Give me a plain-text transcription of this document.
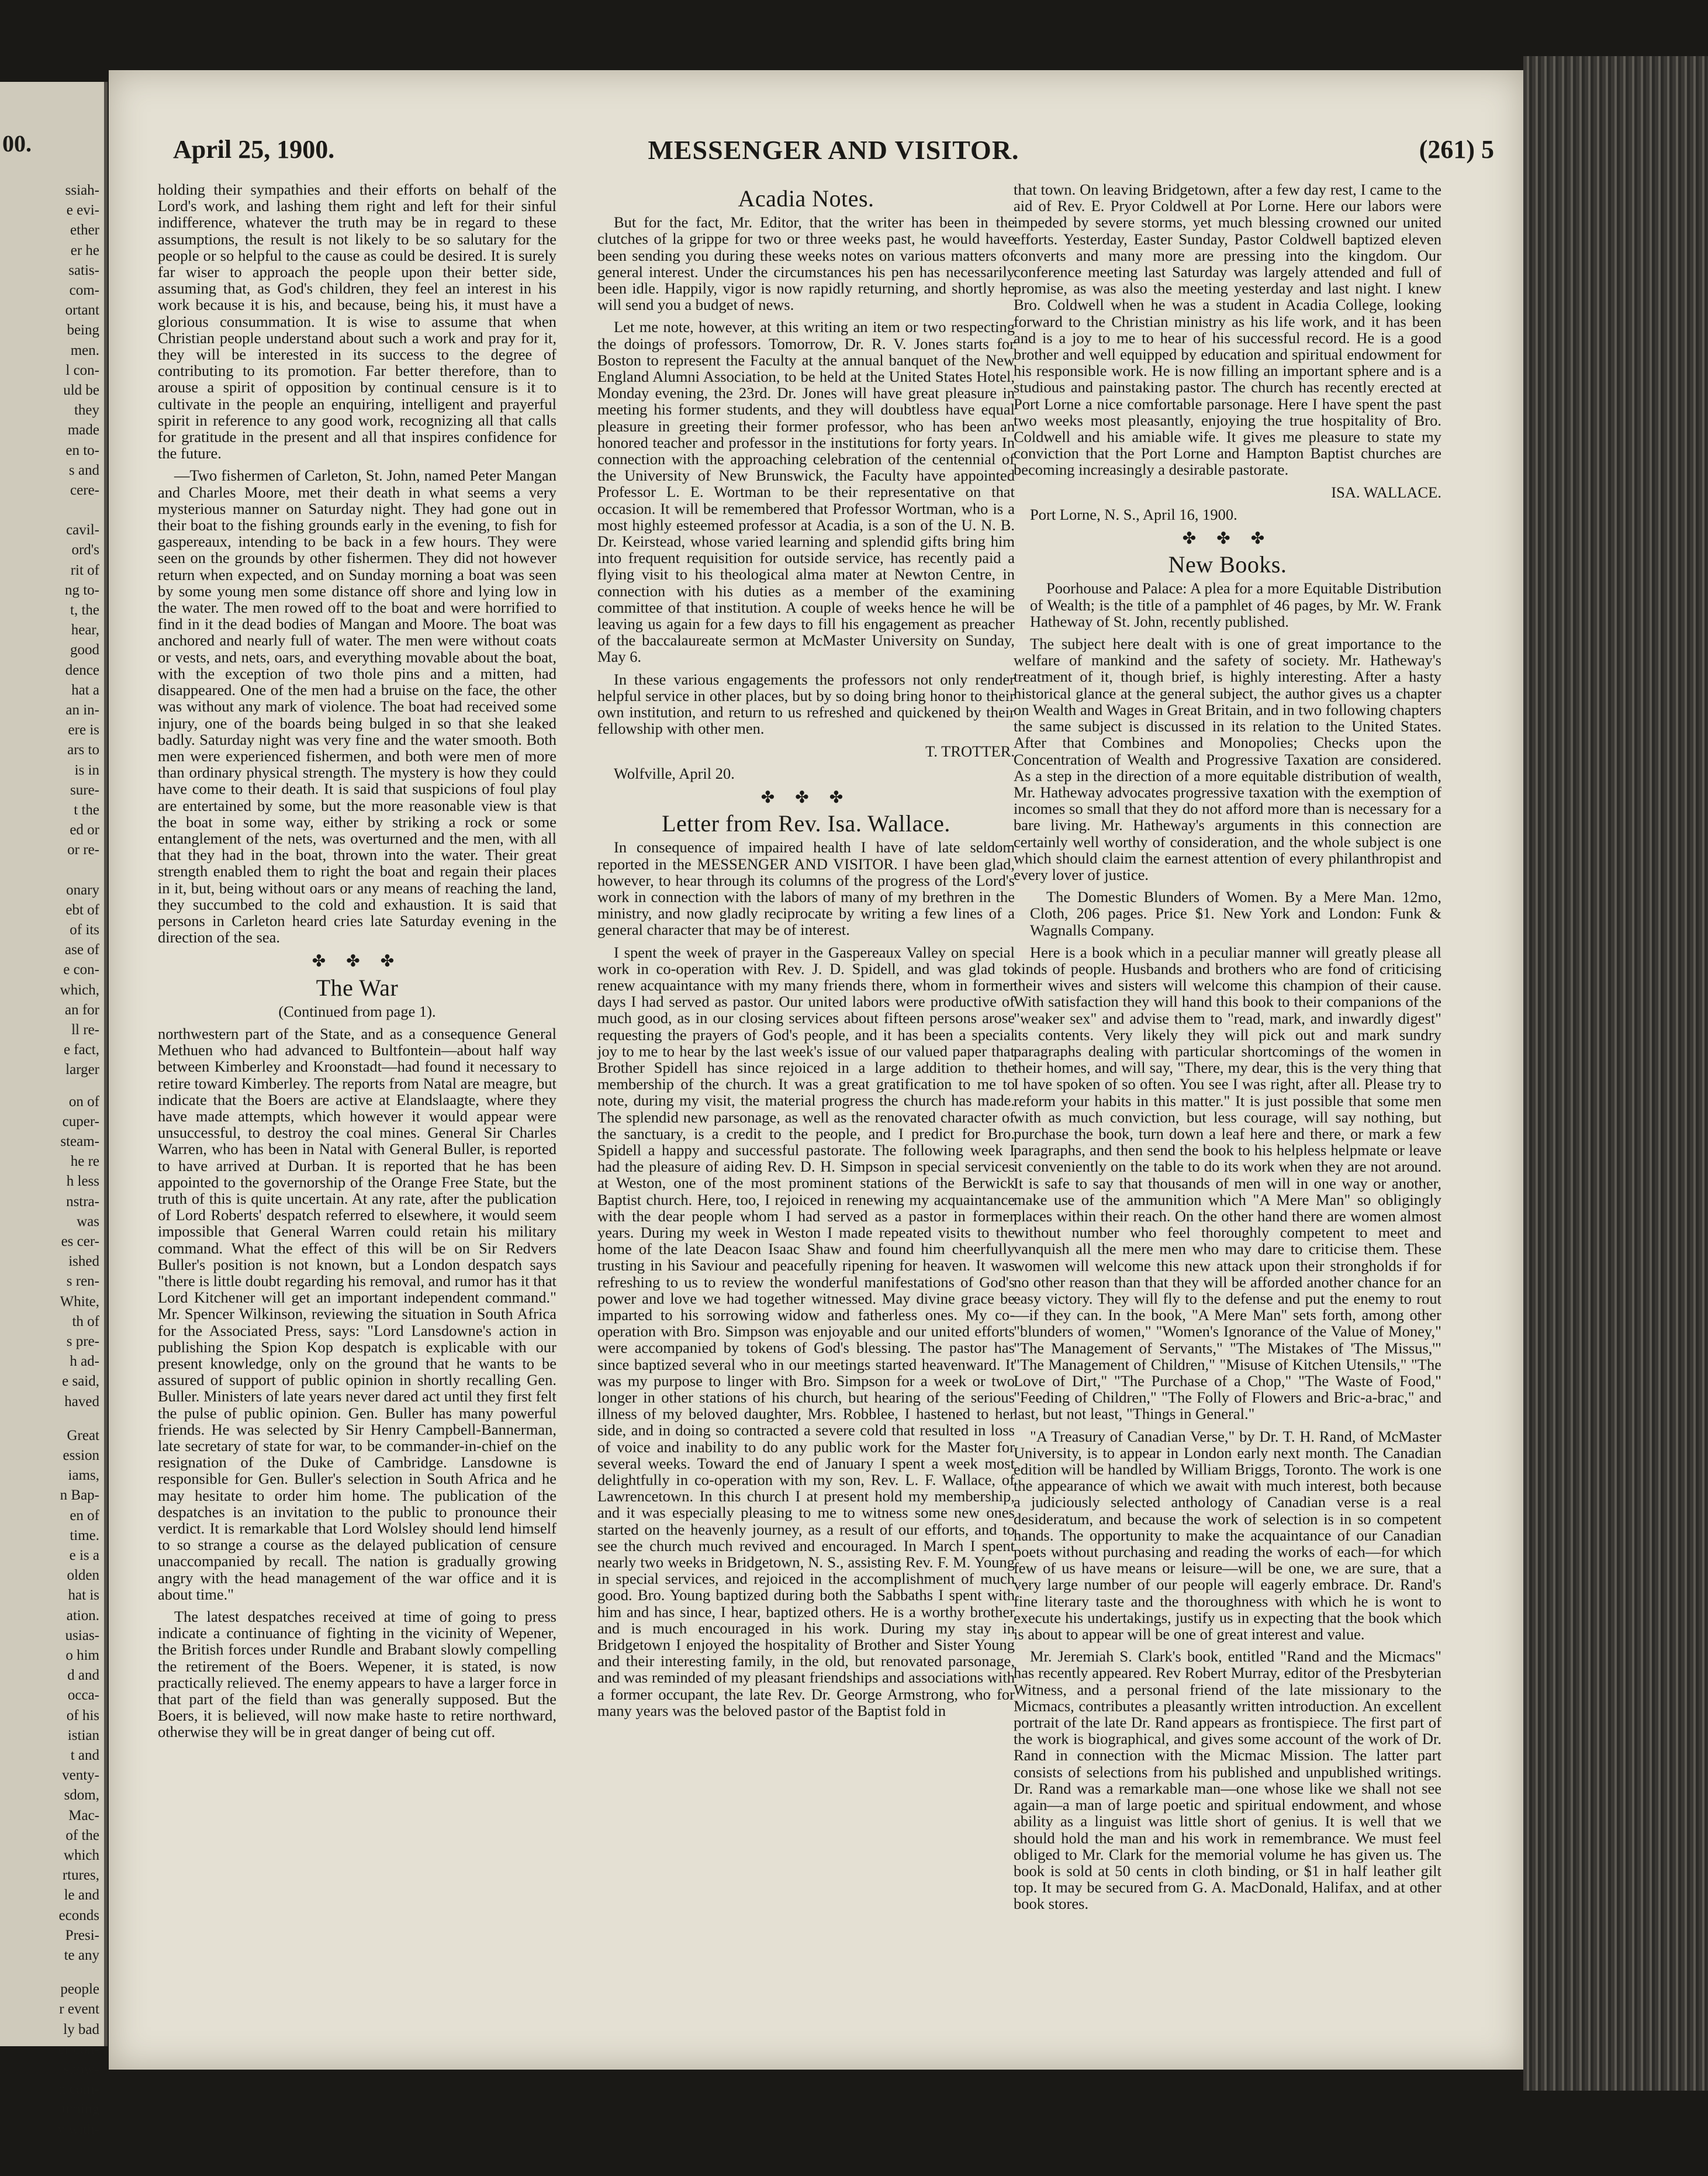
00.
ssiah-
e evi-
ether
er he
satis-
com-
ortant
being
men.
l con-
uld be
they
made
en to-
s and
cere-
cavil-
ord's
rit of
ng to-
t, the
hear,
good
dence
hat a
an in-
ere is
ars to
is in
sure-
t the
ed or
or re-
onary
ebt of
of its
ase of
e con-
which,
an for
ll re-
e fact,
larger
on of
cuper-
steam-
he re
h less
nstra-
was
es cer-
ished
s ren-
White,
th of
s pre-
h ad-
e said,
haved
Great
ession
iams,
n Bap-
en of
time.
e is a
olden
hat is
ation.
usias-
o him
d and
occa-
of his
istian
t and
venty-
sdom,
Mac-
of the
which
rtures,
le and
econds
Presi-
te any
people
r event
ly bad
er con-
show-
n com-
uming
y with-
MESSENGER AND VISITOR.
April 25, 1900.	(261) 5

holding their sympathies and their efforts on behalf of the Lord's work, and lashing them right and left for their sinful indifference, whatever the truth may be in regard to these assumptions, the result is not likely to be so salutary for the people or so helpful to the cause as could be desired. It is surely far wiser to approach the people upon their better side, assuming that, as God's children, they feel an interest in his work because it is his, and because, being his, it must have a glorious consummation. It is wise to assume that when Christian people understand about such a work and pray for it, they will be interested in its success to the degree of contributing to its promotion. Far better therefore, than to arouse a spirit of opposition by continual censure is it to cultivate in the people an enquiring, intelligent and prayerful spirit in reference to any good work, recognizing all that calls for gratitude in the present and all that inspires confidence for the future.

—Two fishermen of Carleton, St. John, named Peter Mangan and Charles Moore, met their death in what seems a very mysterious manner on Saturday night. They had gone out in their boat to the fishing grounds early in the evening, to fish for gaspereaux, intending to be back in a few hours. They were seen on the grounds by other fishermen. They did not however return when expected, and on Sunday morning a boat was seen by some young men some distance off shore and lying low in the water. The men rowed off to the boat and were horrified to find in it the dead bodies of Mangan and Moore. The boat was anchored and nearly full of water. The men were without coats or vests, and nets, oars, and everything movable about the boat, with the exception of two thole pins and a mitten, had disappeared. One of the men had a bruise on the face, the other was without any mark of violence. The boat had received some injury, one of the boards being bulged in so that she leaked badly. Saturday night was very fine and the water smooth. Both men were experienced fishermen, and both were men of more than ordinary physical strength. The mystery is how they could have come to their death. It is said that suspicions of foul play are entertained by some, but the more reasonable view is that the boat in some way, either by striking a rock or some entanglement of the nets, was overturned and the men, with all that they had in the boat, thrown into the water. Their great strength enabled them to right the boat and regain their places in it, but, being without oars or any means of reaching the land, they succumbed to the cold and exhaustion. It is said that persons in Carleton heard cries late Saturday evening in the direction of the sea.

✤ ✤ ✤
The War
(Continued from page 1).

northwestern part of the State, and as a consequence General Methuen who had advanced to Bultfontein—about half way between Kimberley and Kroonstadt—had found it necessary to retire toward Kimberley. The reports from Natal are meagre, but indicate that the Boers are active at Elandslaagte, where they have made attempts, which however it would appear were unsuccessful, to destroy the coal mines. General Sir Charles Warren, who has been in Natal with General Buller, is reported to have arrived at Durban. It is reported that he has been appointed to the governorship of the Orange Free State, but the truth of this is quite uncertain. At any rate, after the publication of Lord Roberts' despatch referred to elsewhere, it would seem impossible that General Warren could retain his military command. What the effect of this will be on Sir Redvers Buller's position is not known, but a London despatch says "there is little doubt regarding his removal, and rumor has it that Lord Kitchener will get an important independent command." Mr. Spencer Wilkinson, reviewing the situation in South Africa for the Associated Press, says: "Lord Lansdowne's action in publishing the Spion Kop despatch is explicable with our present knowledge, only on the ground that he wants to be assured of support of public opinion in shortly recalling Gen. Buller. Ministers of late years never dared act until they first felt the pulse of public opinion. Gen. Buller has many powerful friends. He was selected by Sir Henry Campbell-Bannerman, late secretary of state for war, to be commander-in-chief on the resignation of the Duke of Cambridge. Lansdowne is responsible for Gen. Buller's selection in South Africa and he may hesitate to order him home. The publication of the despatches is an invitation to the public to pronounce their verdict. It is remarkable that Lord Wolsley should lend himself to so strange a course as the delayed publication of censure unaccompanied by recall. The nation is gradually growing angry with the head management of the war office and it is about time."

The latest despatches received at time of going to press indicate a continuance of fighting in the vicinity of Wepener, the British forces under Rundle and Brabant slowly compelling the retirement of the Boers. Wepener, it is stated, is now practically relieved. The enemy appears to have a larger force in that part of the field than was generally supposed. But the Boers, it is believed, will now make haste to retire northward, otherwise they will be in great danger of being cut off.

Acadia Notes.

But for the fact, Mr. Editor, that the writer has been in the clutches of la grippe for two or three weeks past, he would have been sending you during these weeks notes on various matters of general interest. Under the circumstances his pen has necessarily been idle. Happily, vigor is now rapidly returning, and shortly he will send you a budget of news.

Let me note, however, at this writing an item or two respecting the doings of professors. Tomorrow, Dr. R. V. Jones starts for Boston to represent the Faculty at the annual banquet of the New England Alumni Association, to be held at the United States Hotel, Monday evening, the 23rd. Dr. Jones will have great pleasure in meeting his former students, and they will doubtless have equal pleasure in greeting their former professor, who has been an honored teacher and professor in the institutions for forty years. In connection with the approaching celebration of the centennial of the University of New Brunswick, the Faculty have appointed Professor L. E. Wortman to be their representative on that occasion. It will be remembered that Professor Wortman, who is a most highly esteemed professor at Acadia, is a son of the U. N. B. Dr. Keirstead, whose varied learning and splendid gifts bring him into frequent requisition for outside service, has recently paid a flying visit to his theological alma mater at Newton Centre, in connection with his duties as a member of the examining committee of that institution. A couple of weeks hence he will be leaving us again for a few days to fill his engagement as preacher of the baccalaureate sermon at McMaster University on Sunday, May 6.

In these various engagements the professors not only render helpful service in other places, but by so doing bring honor to their own institution, and return to us refreshed and quickened by their fellowship with other men.

T. TROTTER.
Wolfville, April 20.
✤ ✤ ✤
Letter from Rev. Isa. Wallace.

In consequence of impaired health I have of late seldom reported in the MESSENGER AND VISITOR. I have been glad, however, to hear through its columns of the progress of the Lord's work in connection with the labors of many of my brethren in the ministry, and now gladly reciprocate by writing a few lines of a general character that may be of interest.

I spent the week of prayer in the Gaspereaux Valley on special work in co-operation with Rev. J. D. Spidell, and was glad to renew acquaintance with my many friends there, whom in former days I had served as pastor. Our united labors were productive of much good, as in our closing services about fifteen persons arose requesting the prayers of God's people, and it has been a special joy to me to hear by the last week's issue of our valued paper that Brother Spidell has since rejoiced in a large addition to the membership of the church. It was a great gratification to me to note, during my visit, the material progress the church has made. The splendid new parsonage, as well as the renovated character of the sanctuary, is a credit to the people, and I predict for Bro. Spidell a happy and successful pastorate. The following week I had the pleasure of aiding Rev. D. H. Simpson in special services at Weston, one of the most prominent stations of the Berwick Baptist church. Here, too, I rejoiced in renewing my acquaintance with the dear people whom I had served as a pastor in former years. During my week in Weston I made repeated visits to the home of the late Deacon Isaac Shaw and found him cheerfully trusting in his Saviour and peacefully ripening for heaven. It was refreshing to us to review the wonderful manifestations of God's power and love we had together witnessed. May divine grace be imparted to his sorrowing widow and fatherless ones. My co-operation with Bro. Simpson was enjoyable and our united efforts were accompanied by tokens of God's blessing. The pastor has since baptized several who in our meetings started heavenward. It was my purpose to linger with Bro. Simpson for a week or two longer in other stations of his church, but hearing of the serious illness of my beloved daughter, Mrs. Robblee, I hastened to her side, and in doing so contracted a severe cold that resulted in loss of voice and inability to do any public work for the Master for several weeks. Toward the end of January I spent a week most delightfully in co-operation with my son, Rev. L. F. Wallace, of Lawrencetown. In this church I at present hold my membership, and it was especially pleasing to me to witness some new ones started on the heavenly journey, as a result of our efforts, and to see the church much revived and encouraged. In March I spent nearly two weeks in Bridgetown, N. S., assisting Rev. F. M. Young in special services, and rejoiced in the accomplishment of much good. Bro. Young baptized during both the Sabbaths I spent with him and has since, I hear, baptized others. He is a worthy brother and is much encouraged in his work. During my stay in Bridgetown I enjoyed the hospitality of Brother and Sister Young and their interesting family, in the old, but renovated parsonage, and was reminded of my pleasant friendships and associations with a former occupant, the late Rev. Dr. George Armstrong, who for many years was the beloved pastor of the Baptist fold in

that town. On leaving Bridgetown, after a few day rest, I came to the aid of Rev. E. Pryor Coldwell at Por Lorne. Here our labors were impeded by severe storms, yet much blessing crowned our united efforts. Yesterday, Easter Sunday, Pastor Coldwell baptized eleven converts and many more are pressing into the kingdom. Our conference meeting last Saturday was largely attended and full of promise, as was also the meeting yesterday and last night. I knew Bro. Coldwell when he was a student in Acadia College, looking forward to the Christian ministry as his life work, and it has been and is a joy to me to hear of his successful record. He is a good brother and well equipped by education and spiritual endowment for his responsible work. He is now filling an important sphere and is a studious and painstaking pastor. The church has recently erected at Port Lorne a nice comfortable parsonage. Here I have spent the past two weeks most pleasantly, enjoying the true hospitality of Bro. Coldwell and his amiable wife. It gives me pleasure to state my conviction that the Port Lorne and Hampton Baptist churches are becoming increasingly a desirable pastorate.

ISA. WALLACE.
Port Lorne, N. S., April 16, 1900.
✤ ✤ ✤
New Books.

Poorhouse and Palace: A plea for a more Equitable Distribution of Wealth; is the title of a pamphlet of 46 pages, by Mr. W. Frank Hatheway of St. John, recently published.

The subject here dealt with is one of great importance to the welfare of mankind and the safety of society. Mr. Hatheway's treatment of it, though brief, is highly interesting. After a hasty historical glance at the general subject, the author gives us a chapter on Wealth and Wages in Great Britain, and in two following chapters the same subject is discussed in its relation to the United States. After that Combines and Monopolies; Checks upon the Concentration of Wealth and Progressive Taxation are considered. As a step in the direction of a more equitable distribution of wealth, Mr. Hatheway advocates progressive taxation with the exemption of incomes so small that they do not afford more than is necessary for a bare living. Mr. Hatheway's arguments in this connection are certainly well worthy of consideration, and the whole subject is one which should claim the earnest attention of every philanthropist and every lover of justice.

The Domestic Blunders of Women. By a Mere Man. 12mo, Cloth, 206 pages. Price $1. New York and London: Funk & Wagnalls Company.

Here is a book which in a peculiar manner will greatly please all kinds of people. Husbands and brothers who are fond of criticising their wives and sisters will welcome this champion of their cause. With satisfaction they will hand this book to their companions of the "weaker sex" and advise them to "read, mark, and inwardly digest" its contents. Very likely they will pick out and mark sundry paragraphs dealing with particular shortcomings of the women in their homes, and will say, "There, my dear, this is the very thing that I have spoken of so often. You see I was right, after all. Please try to reform your habits in this matter." It is just possible that some men with as much conviction, but less courage, will say nothing, but purchase the book, turn down a leaf here and there, or mark a few paragraphs, and then send the book to his helpless helpmate or leave it conveniently on the table to do its work when they are not around. It is safe to say that thousands of men will in one way or another, make use of the ammunition which "A Mere Man" so obligingly places within their reach. On the other hand there are women almost without number who feel thoroughly competent to meet and vanquish all the mere men who may dare to criticise them. These women will welcome this new attack upon their strongholds if for no other reason than that they will be afforded another chance for an easy victory. They will fly to the defense and put the enemy to rout—if they can. In the book, "A Mere Man" sets forth, among other "blunders of women," "Women's Ignorance of the Value of Money," "The Management of Servants," "The Mistakes of 'The Missus,'" "The Management of Children," "Misuse of Kitchen Utensils," "The Love of Dirt," "The Purchase of a Chop," "The Waste of Food," "Feeding of Children," "The Folly of Flowers and Bric-a-brac," and last, but not least, "Things in General."

"A Treasury of Canadian Verse," by Dr. T. H. Rand, of McMaster University, is to appear in London early next month. The Canadian edition will be handled by William Briggs, Toronto. The work is one the appearance of which we await with much interest, both because a judiciously selected anthology of Canadian verse is a real desideratum, and because the work of selection is in so competent hands. The opportunity to make the acquaintance of our Canadian poets without purchasing and reading the works of each—for which few of us have means or leisure—will be one, we are sure, that a very large number of our people will eagerly embrace. Dr. Rand's fine literary taste and the thoroughness with which he is wont to execute his undertakings, justify us in expecting that the book which is about to appear will be one of great interest and value.

Mr. Jeremiah S. Clark's book, entitled "Rand and the Micmacs" has recently appeared. Rev Robert Murray, editor of the Presbyterian Witness, and a personal friend of the late missionary to the Micmacs, contributes a pleasantly written introduction. An excellent portrait of the late Dr. Rand appears as frontispiece. The first part of the work is biographical, and gives some account of the work of Dr. Rand in connection with the Micmac Mission. The latter part consists of selections from his published and unpublished writings. Dr. Rand was a remarkable man—one whose like we shall not see again—a man of large poetic and spiritual endowment, and whose ability as a linguist was little short of genius. It is well that we should hold the man and his work in remembrance. We must feel obliged to Mr. Clark for the memorial volume he has given us. The book is sold at 50 cents in cloth binding, or $1 in half leather gilt top. It may be secured from G. A. MacDonald, Halifax, and at other book stores.
